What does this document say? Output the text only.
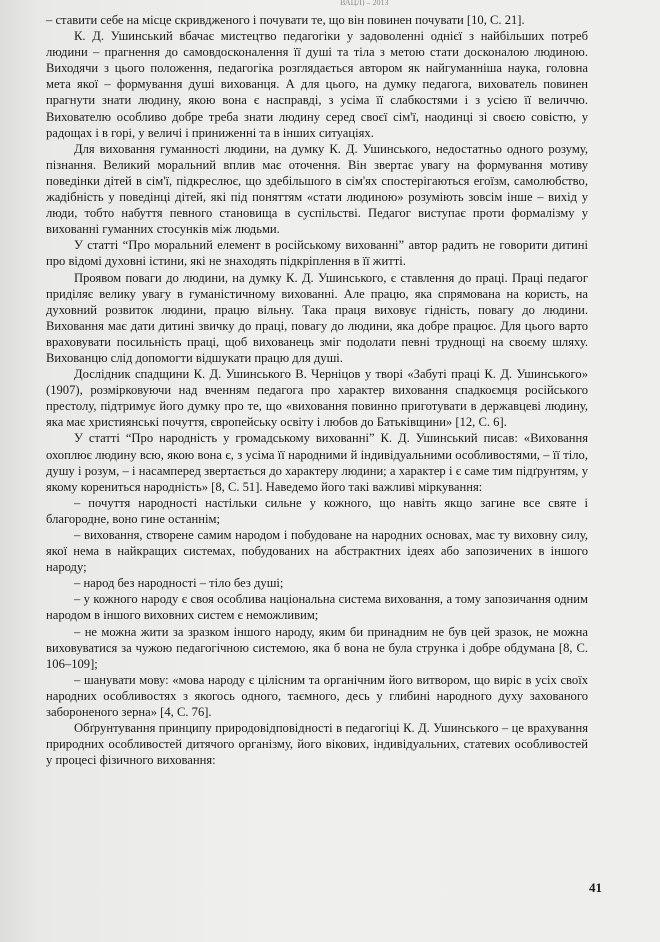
ВАЦЛ) – 2013

– ставити себе на місце скривдженого і почувати те, що він повинен почувати [10, С. 21].

К. Д. Ушинський вбачає мистецтво педагогіки у задоволенні однієї з найбільших потреб людини – прагнення до самовдосконалення її душі та тіла з метою стати досконалою людиною. Виходячи з цього положення, педагогіка розглядається автором як найгуманніша наука, головна мета якої – формування душі вихованця. А для цього, на думку педагога, вихователь повинен прагнути знати людину, якою вона є насправді, з усіма її слабкостями і з усією її величчю. Вихователю особливо добре треба знати людину серед своєї сім'ї, наодинці зі своєю совістю, у радощах і в горі, у величі і приниженні та в інших ситуаціях.

Для виховання гуманності людини, на думку К. Д. Ушинського, недостатньо одного розуму, пізнання. Великий моральний вплив має оточення. Він звертає увагу на формування мотиву поведінки дітей в сім'ї, підкреслює, що здебільшого в сім'ях спостерігаються егоїзм, самолюбство, жадібність у поведінці дітей, які під поняттям «стати людиною» розуміють зовсім інше – вихід у люди, тобто набуття певного становища в суспільстві. Педагог виступає проти формалізму у вихованні гуманних стосунків між людьми.

У статті “Про моральний елемент в російському вихованні” автор радить не говорити дитині про відомі духовні істини, які не знаходять підкріплення в її житті.

Проявом поваги до людини, на думку К. Д. Ушинського, є ставлення до праці. Праці педагог приділяє велику увагу в гуманістичному вихованні. Але працю, яка спрямована на користь, на духовний розвиток людини, працю вільну. Така праця виховує гідність, повагу до людини. Виховання має дати дитині звичку до праці, повагу до людини, яка добре працює. Для цього варто враховувати посильність праці, щоб вихованець зміг подолати певні труднощі на своєму шляху. Вихованцю слід допомогти відшукати працю для душі.

Дослідник спадщини К. Д. Ушинського В. Черніцов у творі «Забуті праці К. Д. Ушинського» (1907), розмірковуючи над вченням педагога про характер виховання спадкоємця російського престолу, підтримує його думку про те, що «виховання повинно приготувати в державцеві людину, яка має християнські почуття, європейську освіту і любов до Батьківщини» [12, С. 6].

У статті “Про народність у громадському вихованні” К. Д. Ушинський писав: «Виховання охоплює людину всю, якою вона є, з усіма її народними й індивідуальними особливостями, – її тіло, душу і розум, – і насамперед звертається до характеру людини; а характер і є саме тим підґрунтям, у якому корениться народність» [8, С. 51]. Наведемо його такі важливі міркування:

– почуття народності настільки сильне у кожного, що навіть якщо загине все святе і благородне, воно гине останнім;

– виховання, створене самим народом і побудоване на народних основах, має ту виховну силу, якої нема в найкращих системах, побудованих на абстрактних ідеях або запозичених в іншого народу;

– народ без народності – тіло без душі;

– у кожного народу є своя особлива національна система виховання, а тому запозичання одним народом в іншого виховних систем є неможливим;

– не можна жити за зразком іншого народу, яким би принадним не був цей зразок, не можна виховуватися за чужою педагогічною системою, яка б вона не була струнка і добре обдумана [8, С. 106–109];

– шанувати мову: «мова народу є цілісним та органічним його витвором, що виріс в усіх своїх народних особливостях з якогось одного, таємного, десь у глибині народного духу захованого забороненого зерна» [4, С. 76].

Обґрунтування принципу природовідповідності в педагогіці К. Д. Ушинського – це врахування природних особливостей дитячого організму, його вікових, індивідуальних, статевих особливостей у процесі фізичного виховання:

41
